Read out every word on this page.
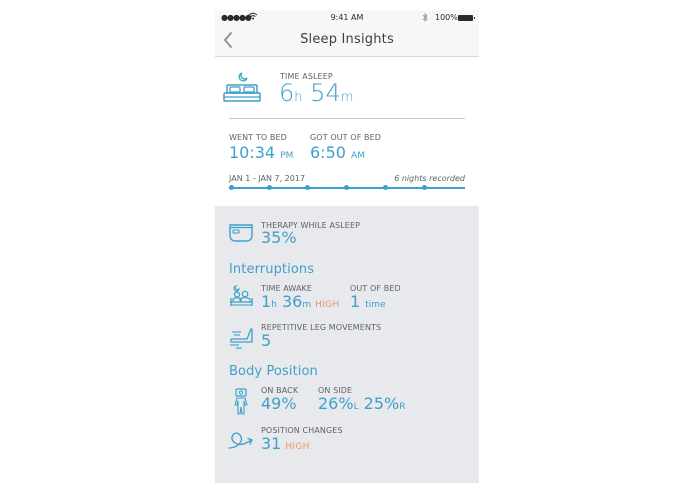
●●●●●	9:41 AM	100%
Sleep Insights
TIME ASLEEP
6h 54m
WENT TO BED
10:34 PM
GOT OUT OF BED
6:50 AM
JAN 1 - JAN 7, 2017	6 nights recorded
THERAPY WHILE ASLEEP
35%
Interruptions
TIME AWAKE
1h 36m HIGH
OUT OF BED
1 time
REPETITIVE LEG MOVEMENTS
5
Body Position
ON BACK
49%
ON SIDE
26%L 25%R
POSITION CHANGES
31 HIGH
